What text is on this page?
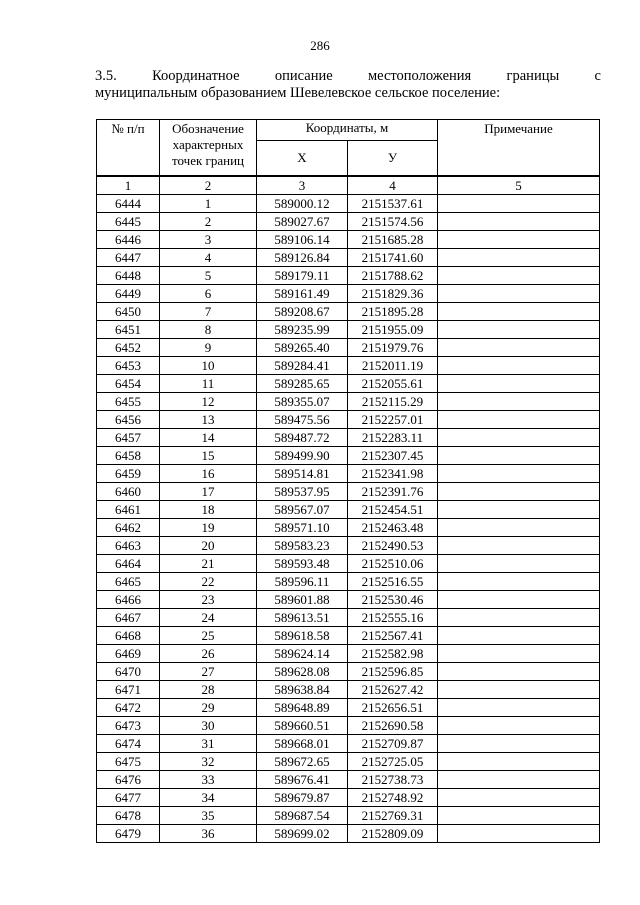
286
3.5. Координатное описание местоположения границы с
муниципальным образованием Шевелевское сельское поселение:
№ п/п	Обозначение характерных точек границ	Координаты, м		Примечание
		X	У	
1	2	3	4	5
6444	1	589000.12	2151537.61	
6445	2	589027.67	2151574.56	
6446	3	589106.14	2151685.28	
6447	4	589126.84	2151741.60	
6448	5	589179.11	2151788.62	
6449	6	589161.49	2151829.36	
6450	7	589208.67	2151895.28	
6451	8	589235.99	2151955.09	
6452	9	589265.40	2151979.76	
6453	10	589284.41	2152011.19	
6454	11	589285.65	2152055.61	
6455	12	589355.07	2152115.29	
6456	13	589475.56	2152257.01	
6457	14	589487.72	2152283.11	
6458	15	589499.90	2152307.45	
6459	16	589514.81	2152341.98	
6460	17	589537.95	2152391.76	
6461	18	589567.07	2152454.51	
6462	19	589571.10	2152463.48	
6463	20	589583.23	2152490.53	
6464	21	589593.48	2152510.06	
6465	22	589596.11	2152516.55	
6466	23	589601.88	2152530.46	
6467	24	589613.51	2152555.16	
6468	25	589618.58	2152567.41	
6469	26	589624.14	2152582.98	
6470	27	589628.08	2152596.85	
6471	28	589638.84	2152627.42	
6472	29	589648.89	2152656.51	
6473	30	589660.51	2152690.58	
6474	31	589668.01	2152709.87	
6475	32	589672.65	2152725.05	
6476	33	589676.41	2152738.73	
6477	34	589679.87	2152748.92	
6478	35	589687.54	2152769.31	
6479	36	589699.02	2152809.09	
